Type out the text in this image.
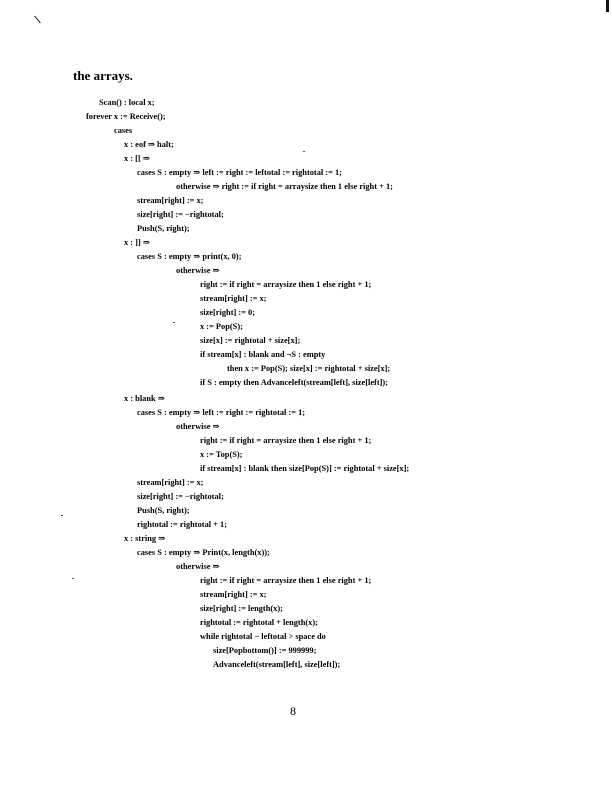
the arrays.
Scan() : local x;
forever x := Receive();
cases
x : eof ⇒ halt;
x : [[ ⇒
cases S : empty ⇒ left := right := leftotal := rightotal := 1;
otherwise ⇒ right := if right = arraysize then 1 else right + 1;
stream[right] := x;
size[right] := −rightotal;
Push(S, right);
x : ]] ⇒
cases S : empty ⇒ print(x, 0);
otherwise ⇒
right := if right = arraysize then 1 else right + 1;
stream[right] := x;
size[right] := 0;
x := Pop(S);
size[x] := rightotal + size[x];
if stream[x] : blank and ¬S : empty
then x := Pop(S); size[x] := rightotal + size[x];
if S : empty then Advanceleft(stream[left], size[left]);
x : blank ⇒
cases S : empty ⇒ left := right := rightotal := 1;
otherwise ⇒
right := if right = arraysize then 1 else right + 1;
x := Top(S);
if stream[x] : blank then size[Pop(S)] := rightotal + size[x];
stream[right] := x;
size[right] := −rightotal;
Push(S, right);
rightotal := rightotal + 1;
x : string ⇒
cases S : empty ⇒ Print(x, length(x));
otherwise ⇒
right := if right = arraysize then 1 else right + 1;
stream[right] := x;
size[right] := length(x);
rightotal := rightotal + length(x);
while rightotal − leftotal > space do
size[Popbottom()] := 999999;
Advanceleft(stream[left], size[left]);
8
